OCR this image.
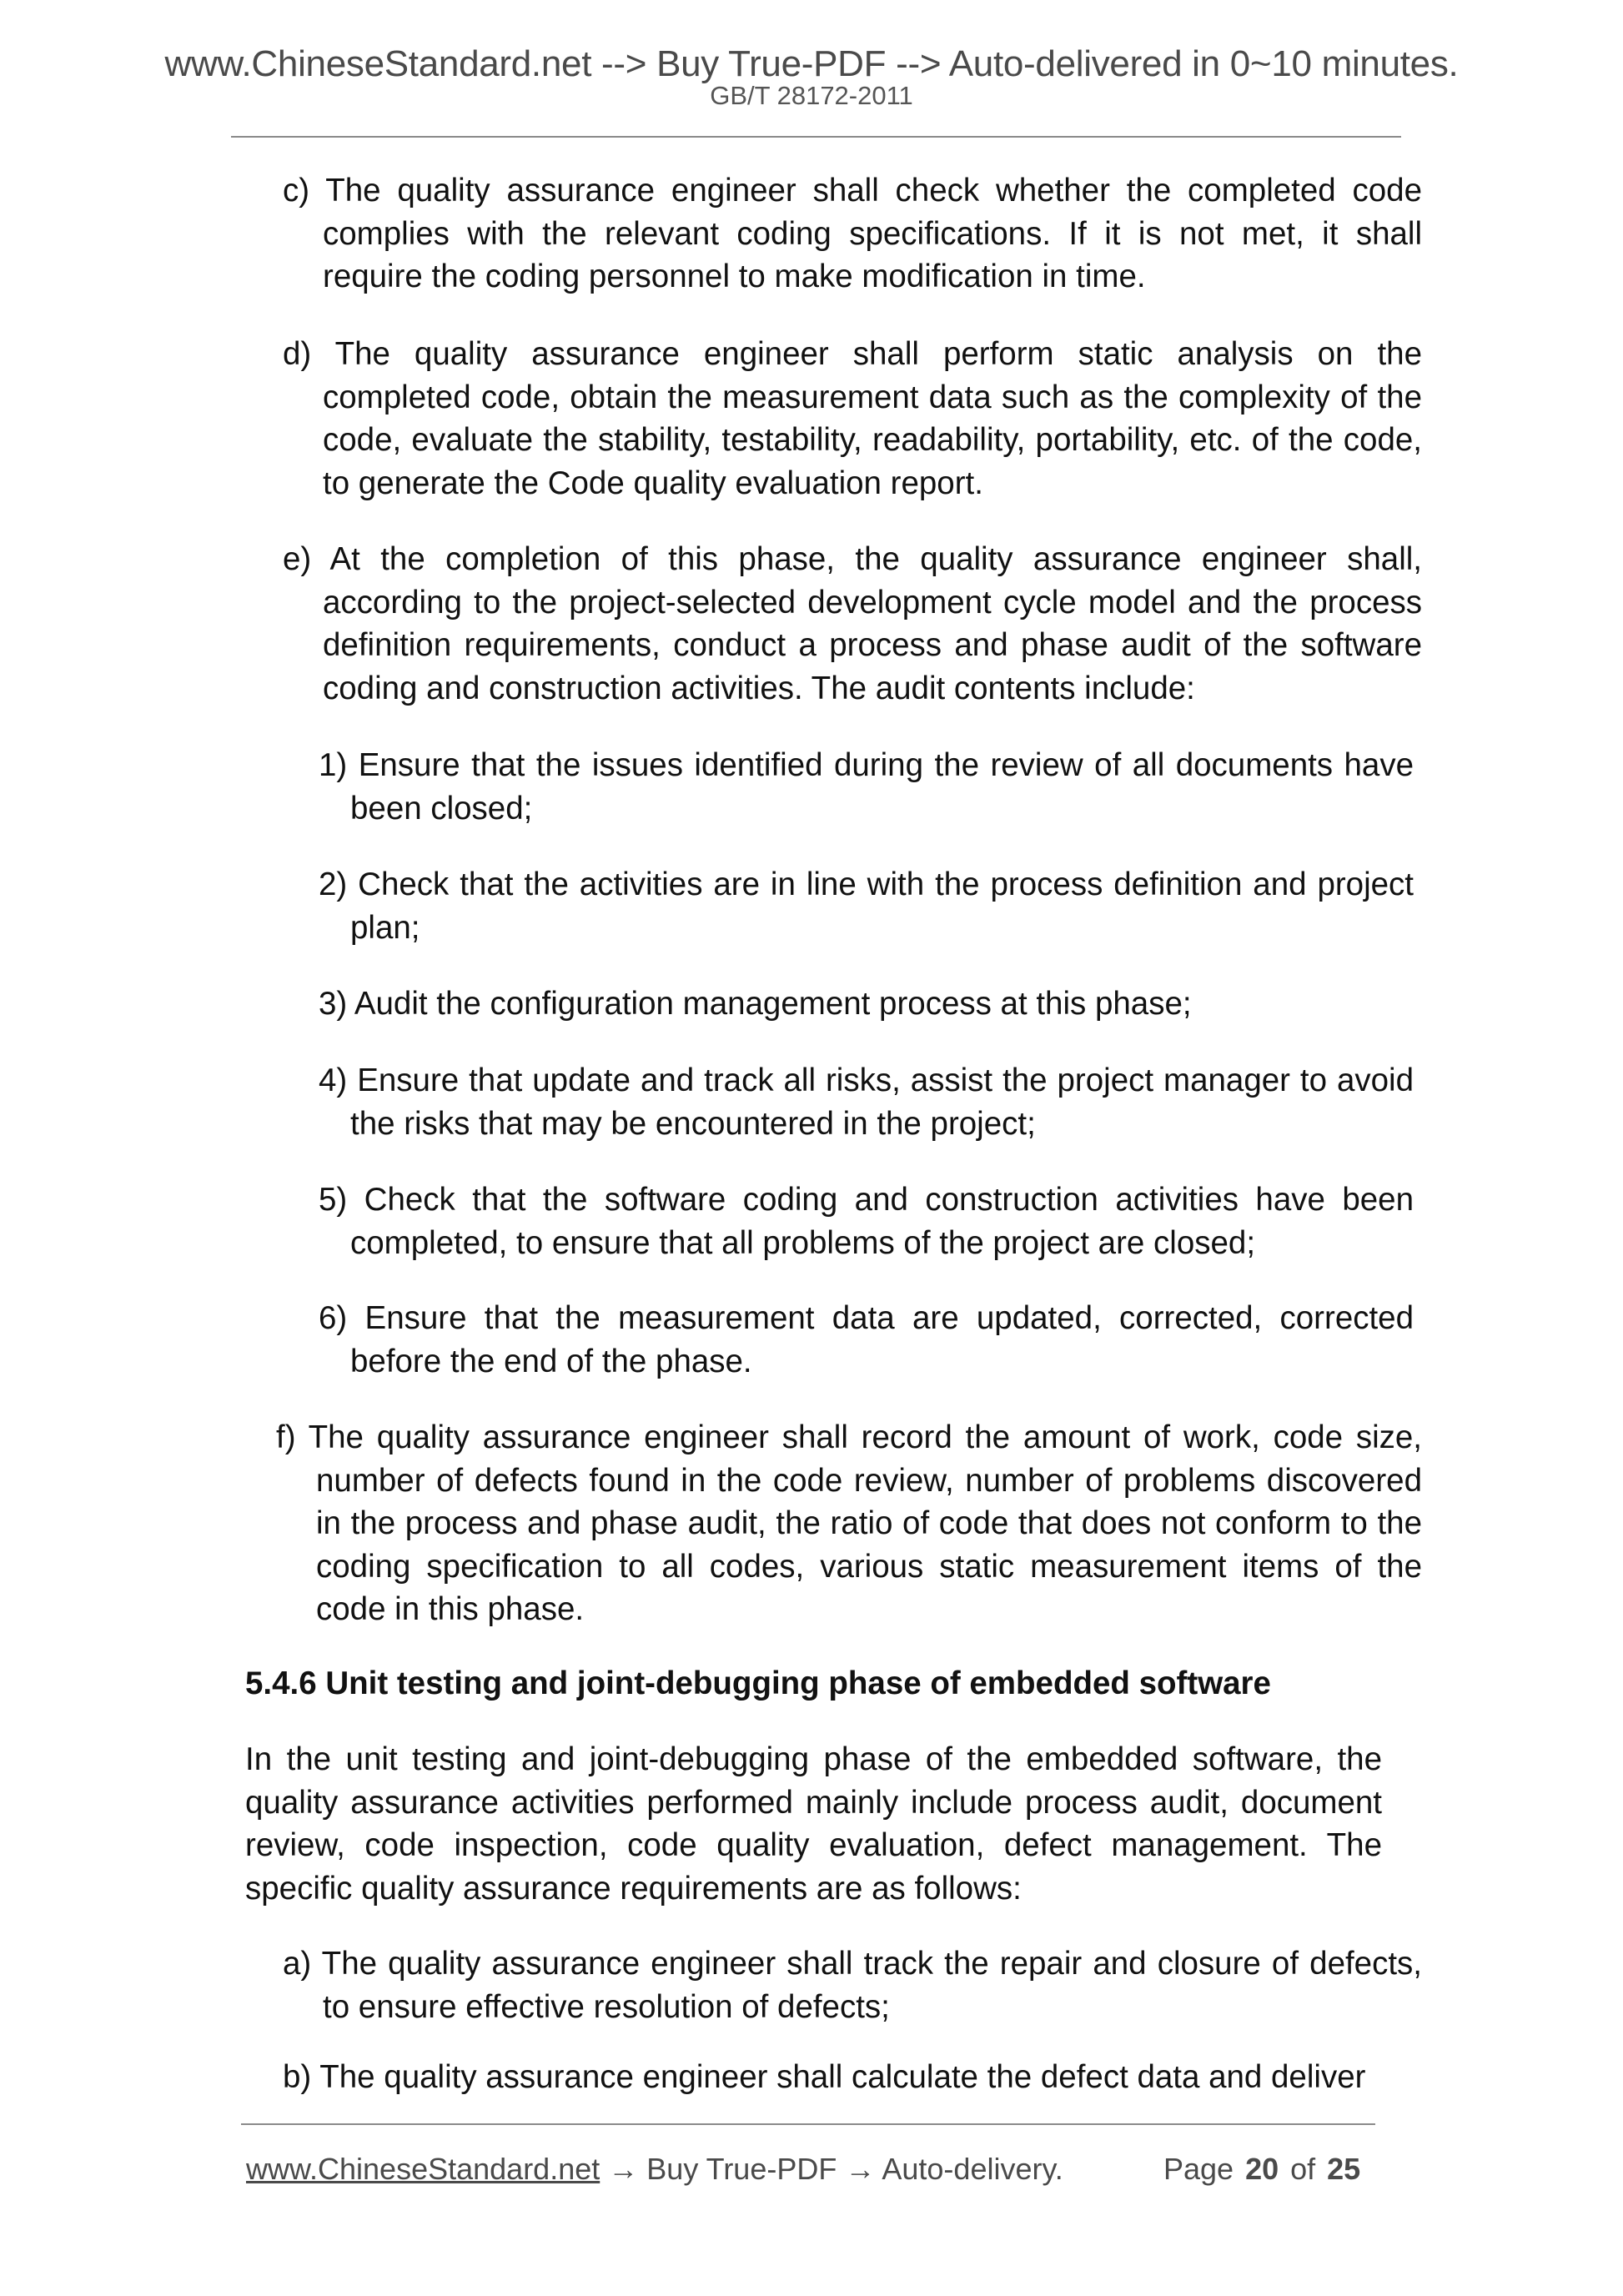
www.ChineseStandard.net --> Buy True-PDF --> Auto-delivered in 0~10 minutes.
GB/T 28172-2011
c) The quality assurance engineer shall check whether the completed code complies with the relevant coding specifications. If it is not met, it shall require the coding personnel to make modification in time.
d) The quality assurance engineer shall perform static analysis on the completed code, obtain the measurement data such as the complexity of the code, evaluate the stability, testability, readability, portability, etc. of the code, to generate the Code quality evaluation report.
e) At the completion of this phase, the quality assurance engineer shall, according to the project-selected development cycle model and the process definition requirements, conduct a process and phase audit of the software coding and construction activities. The audit contents include:
1) Ensure that the issues identified during the review of all documents have been closed;
2) Check that the activities are in line with the process definition and project plan;
3) Audit the configuration management process at this phase;
4) Ensure that update and track all risks, assist the project manager to avoid the risks that may be encountered in the project;
5) Check that the software coding and construction activities have been completed, to ensure that all problems of the project are closed;
6) Ensure that the measurement data are updated, corrected, corrected before the end of the phase.
f) The quality assurance engineer shall record the amount of work, code size, number of defects found in the code review, number of problems discovered in the process and phase audit, the ratio of code that does not conform to the coding specification to all codes, various static measurement items of the code in this phase.
5.4.6 Unit testing and joint-debugging phase of embedded software
In the unit testing and joint-debugging phase of the embedded software, the quality assurance activities performed mainly include process audit, document review, code inspection, code quality evaluation, defect management. The specific quality assurance requirements are as follows:
a) The quality assurance engineer shall track the repair and closure of defects, to ensure effective resolution of defects;
b) The quality assurance engineer shall calculate the defect data and deliver
www.ChineseStandard.net → Buy True-PDF → Auto-delivery.	Page 20 of 25
